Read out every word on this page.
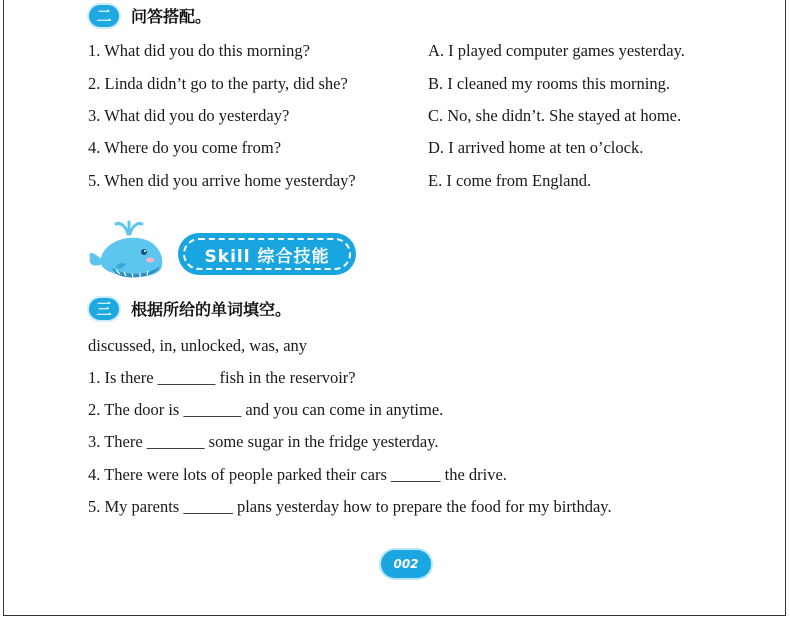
二	问答搭配。
1. What did you do this morning?
2. Linda didn’t go to the party, did she?
3. What did you do yesterday?
4. Where do you come from?
5. When did you arrive home yesterday?
A. I played computer games yesterday.
B. I cleaned my rooms this morning.
C. No, she didn’t. She stayed at home.
D. I arrived home at ten o’clock.
E. I come from England.
Skill 综合技能
三	根据所给的单词填空。
discussed, in, unlocked, was, any
1. Is there _______ fish in the reservoir?
2. The door is _______ and you can come in anytime.
3. There _______ some sugar in the fridge yesterday.
4. There were lots of people parked their cars ______ the drive.
5. My parents ______ plans yesterday how to prepare the food for my birthday.
002
